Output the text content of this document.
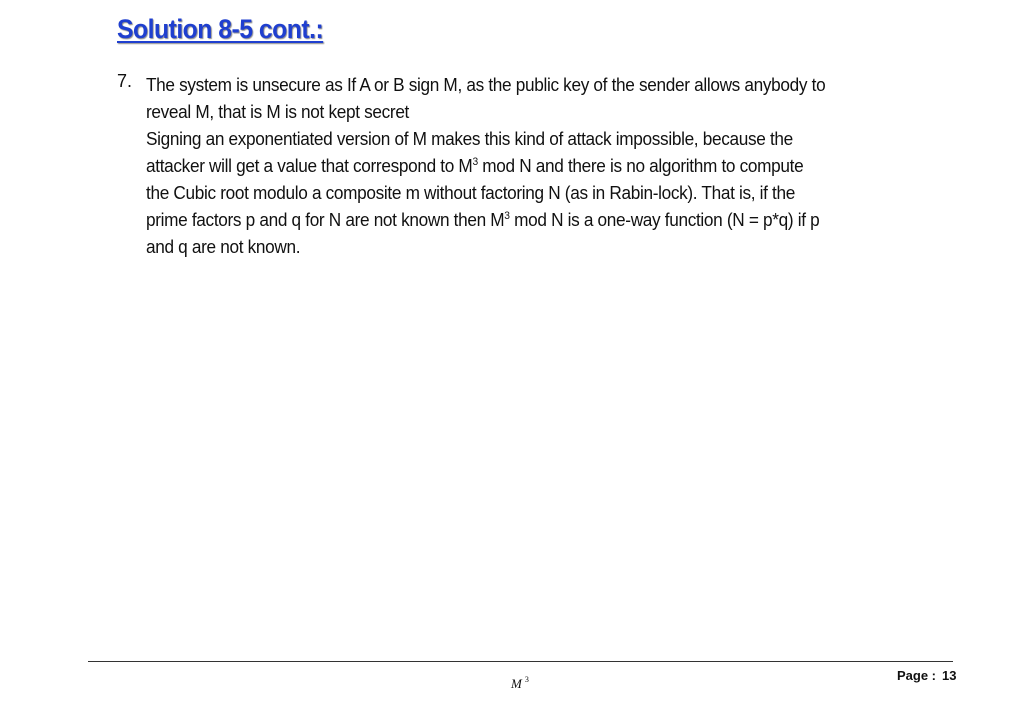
Solution 8-5 cont.:
7. The system is unsecure as If A or B sign M, as the public key of the sender allows anybody to
reveal M, that is M is not kept secret
Signing an exponentiated version of M makes this kind of attack impossible, because the
attacker will get a value that correspond to $M^3$ mod N and there is no algorithm to compute
the Cubic root modulo a composite m without factoring N (as in Rabin-lock). That is, if the
prime factors p and q for N are not known then $M^3$ mod N is a one-way function (N = p*q) if p
and q are not known.
Page : 13
M $^3$
